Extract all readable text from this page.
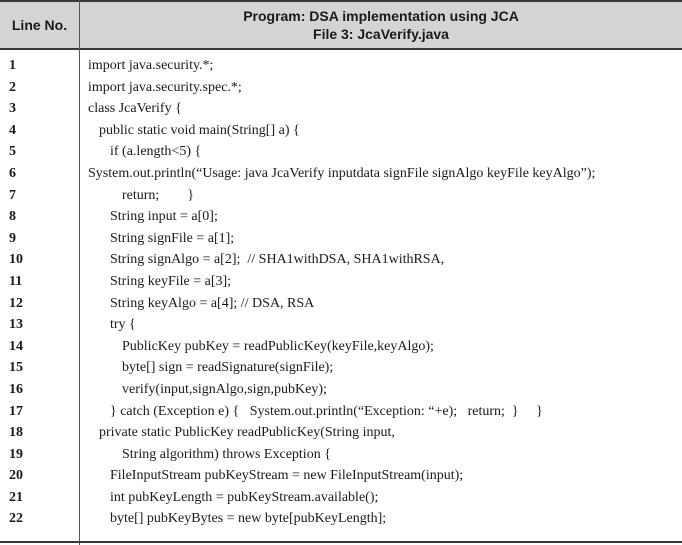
Line No.
Program: DSA implementation using JCA
File 3: JcaVerify.java
1	import java.security.*;
2	import java.security.spec.*;
3	class JcaVerify {
4	public static void main(String[] a) {
5	if (a.length<5) {
6	System.out.println(“Usage: java JcaVerify inputdata signFile signAlgo keyFile keyAlgo”);
7	return;        }
8	String input = a[0];
9	String signFile = a[1];
10	String signAlgo = a[2];  // SHA1withDSA, SHA1withRSA,
11	String keyFile = a[3];
12	String keyAlgo = a[4]; // DSA, RSA
13	try {
14	PublicKey pubKey = readPublicKey(keyFile,keyAlgo);
15	byte[] sign = readSignature(signFile);
16	verify(input,signAlgo,sign,pubKey);
17	} catch (Exception e) {   System.out.println(“Exception: “+e);   return;  }     }
18	private static PublicKey readPublicKey(String input,
19	String algorithm) throws Exception {
20	FileInputStream pubKeyStream = new FileInputStream(input);
21	int pubKeyLength = pubKeyStream.available();
22	byte[] pubKeyBytes = new byte[pubKeyLength];
